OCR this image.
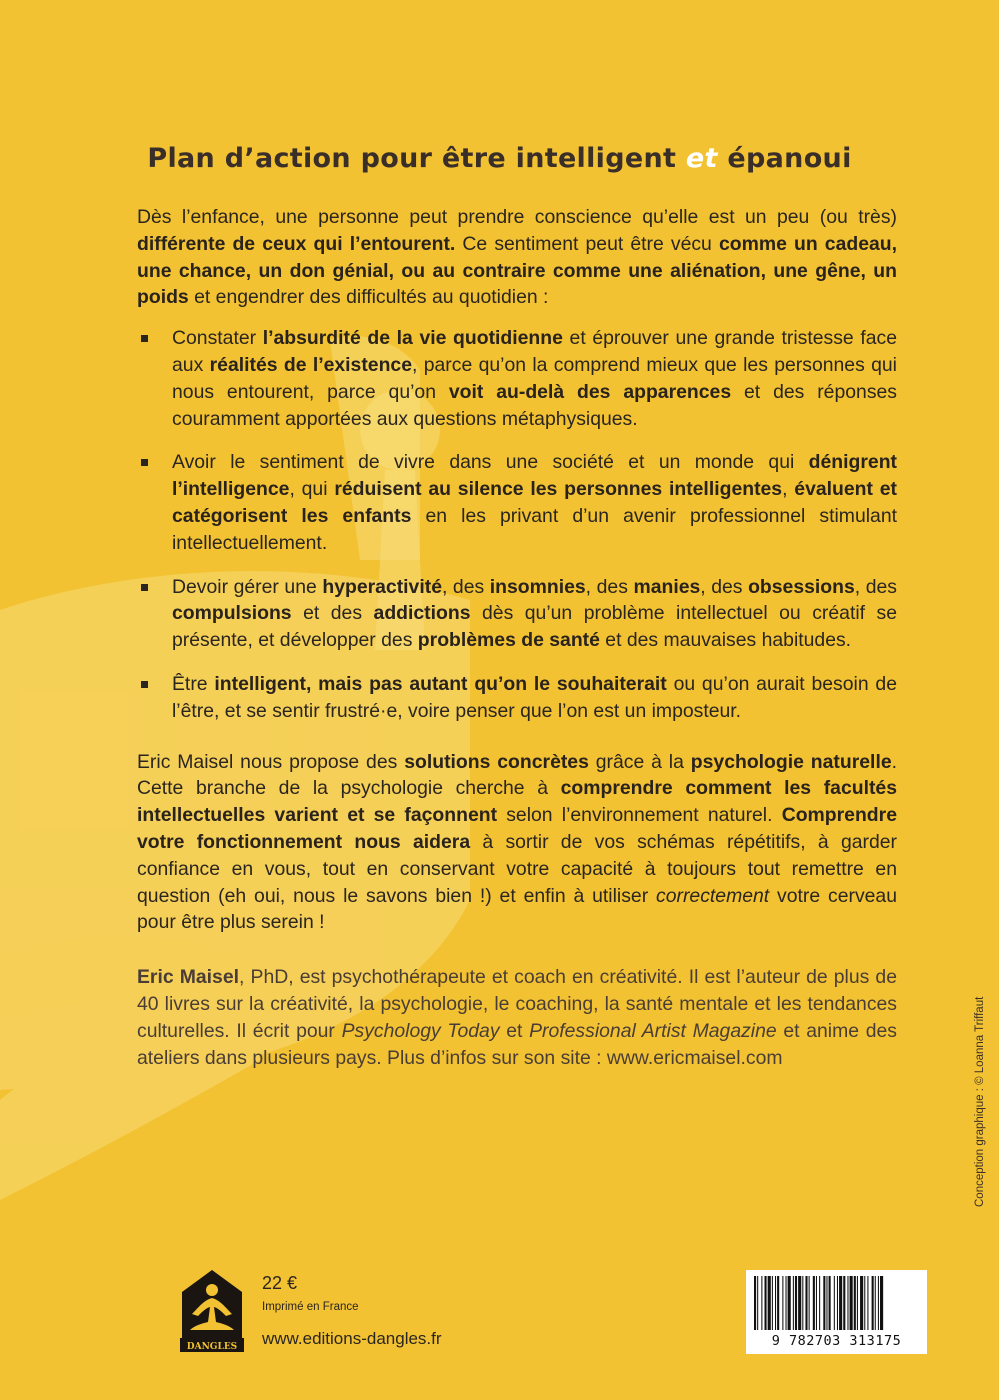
Plan d’action pour être intelligent et épanoui

Dès l’enfance, une personne peut prendre conscience qu’elle est un peu (ou très) différente de ceux qui l’entourent. Ce sentiment peut être vécu comme un cadeau, une chance, un don génial, ou au contraire comme une aliénation, une gêne, un poids et engendrer des difficultés au quotidien :

Constater l’absurdité de la vie quotidienne et éprouver une grande tristesse face aux réalités de l’existence, parce qu’on la comprend mieux que les personnes qui nous entourent, parce qu’on voit au-delà des apparences et des réponses couramment apportées aux questions métaphysiques.
Avoir le sentiment de vivre dans une société et un monde qui dénigrent l’intelligence, qui réduisent au silence les personnes intelligentes, évaluent et catégorisent les enfants en les privant d’un avenir professionnel stimulant intellectuellement.
Devoir gérer une hyperactivité, des insomnies, des manies, des obsessions, des compulsions et des addictions dès qu’un problème intellectuel ou créatif se présente, et développer des problèmes de santé et des mauvaises habitudes.
Être intelligent, mais pas autant qu’on le souhaiterait ou qu’on aurait besoin de l’être, et se sentir frustré·e, voire penser que l’on est un imposteur.

Eric Maisel nous propose des solutions concrètes grâce à la psychologie naturelle. Cette branche de la psychologie cherche à comprendre comment les facultés intellectuelles varient et se façonnent selon l’environnement naturel. Comprendre votre fonctionnement nous aidera à sortir de vos schémas répétitifs, à garder confiance en vous, tout en conservant votre capacité à toujours tout remettre en question (eh oui, nous le savons bien !) et enfin à utiliser correctement votre cerveau pour être plus serein !

Eric Maisel, PhD, est psychothérapeute et coach en créativité. Il est l’auteur de plus de 40 livres sur la créativité, la psychologie, le coaching, la santé mentale et les tendances culturelles. Il écrit pour Psychology Today et Professional Artist Magazine et anime des ateliers dans plusieurs pays. Plus d’infos sur son site : www.ericmaisel.com	Conception graphique : © Loanna Triffaut
DANGLES
22 €
Imprimé en France
www.editions-dangles.fr	9 782703 313175
